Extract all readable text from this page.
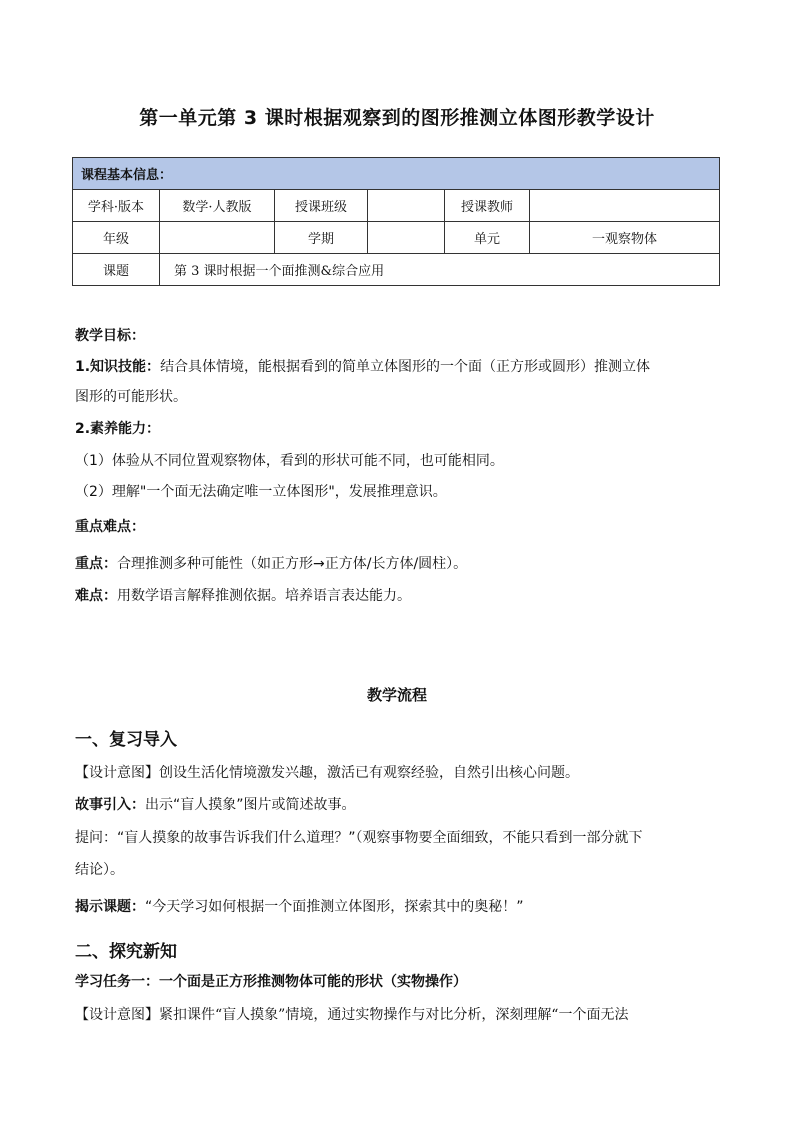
第一单元第 3 课时根据观察到的图形推测立体图形教学设计
课程基本信息：					
学科·版本	数学·人教版	授课班级		授课教师	
年级		学期		单元	一观察物体
课题	第 3 课时根据一个面推测&综合应用				
教学目标：
1.知识技能：结合具体情境，能根据看到的简单立体图形的一个面（正方形或圆形）推测立体
图形的可能形状。
2.素养能力：
（1）体验从不同位置观察物体，看到的形状可能不同，也可能相同。
（2）理解"一个面无法确定唯一立体图形"，发展推理意识。
重点难点：
重点：合理推测多种可能性（如正方形→正方体/长方体/圆柱）。
难点：用数学语言解释推测依据。培养语言表达能力。
教学流程
一、复习导入
【设计意图】创设生活化情境激发兴趣，激活已有观察经验，自然引出核心问题。
故事引入：出示“盲人摸象”图片或简述故事。
提问：“盲人摸象的故事告诉我们什么道理？”（观察事物要全面细致，不能只看到一部分就下
结论）。
揭示课题：“今天学习如何根据一个面推测立体图形，探索其中的奥秘！”
二、探究新知
学习任务一：一个面是正方形推测物体可能的形状（实物操作）
【设计意图】紧扣课件“盲人摸象”情境，通过实物操作与对比分析，深刻理解“一个面无法
